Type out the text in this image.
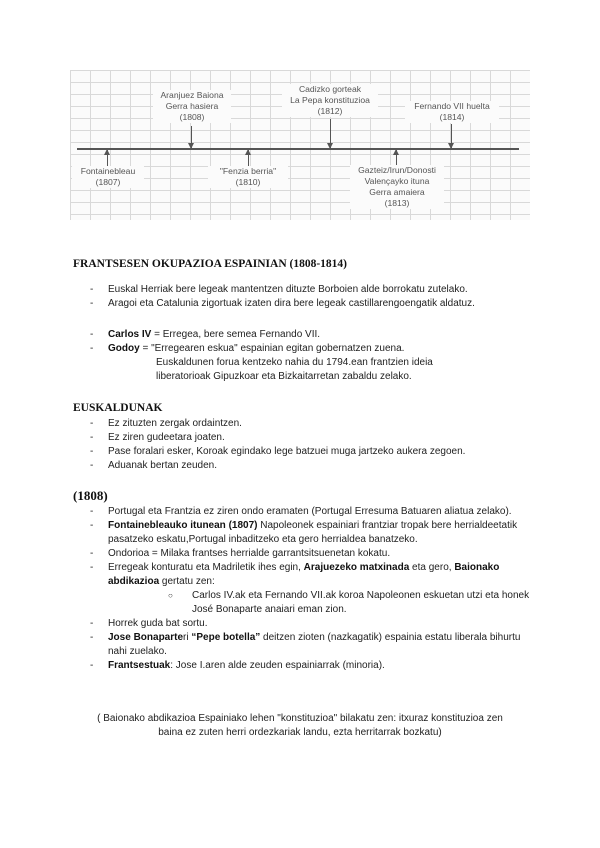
Aranjuez Baiona
Gerra hasiera
(1808)
Cadizko gorteak
La Pepa konstituzioa
(1812)	Fernando VII huelta
(1814)
Fontainebleau
(1807)
"Fenzia berria"
(1810)
Gazteiz/Irun/Donosti
Valençayko ituna
Gerra amaiera
(1813)
FRANTSESEN OKUPAZIOA ESPAINIAN (1808-1814)
- Euskal Herriak bere legeak mantentzen dituzte Borboien alde borrokatu zutelako.
- Aragoi eta Catalunia zigortuak izaten dira bere legeak castillarengoengatik aldatuz.
- Carlos IV = Erregea, bere semea Fernando VII.
- Godoy = "Erregearen eskua" espainian egitan gobernatzen zuena.
Euskaldunen forua kentzeko nahia du 1794.ean frantzien ideia
liberatorioak Gipuzkoar eta Bizkaitarretan zabaldu zelako.
EUSKALDUNAK
- Ez zituzten zergak ordaintzen.
- Ez ziren gudeetara joaten.
- Pase foralari esker, Koroak egindako lege batzuei muga jartzeko aukera zegoen.
- Aduanak bertan zeuden.
(1808)
- Portugal eta Frantzia ez ziren ondo eramaten (Portugal Erresuma Batuaren aliatua zelako).
- Fontainebleauko itunean (1807) Napoleonek espainiari frantziar tropak bere herrialdeetatik pasatzeko eskatu,Portugal inbaditzeko eta gero herrialdea banatzeko.
- Ondorioa = Milaka frantses herrialde garrantsitsuenetan kokatu.
- Erregeak konturatu eta Madriletik ihes egin, Arajuezeko matxinada eta gero, Baionako abdikazioa gertatu zen:
○ Carlos IV.ak eta Fernando VII.ak koroa Napoleonen eskuetan utzi eta honek José Bonaparte anaiari eman zion.
- Horrek guda bat sortu.
- Jose Bonaparteri “Pepe botella” deitzen zioten (nazkagatik) espainia estatu liberala bihurtu nahi zuelako.
- Frantsestuak: Jose I.aren alde zeuden espainiarrak (minoria).
( Baionako abdikazioa Espainiako lehen "konstituzioa" bilakatu zen: itxuraz konstituzioa zen
baina ez zuten herri ordezkariak landu, ezta herritarrak bozkatu)
